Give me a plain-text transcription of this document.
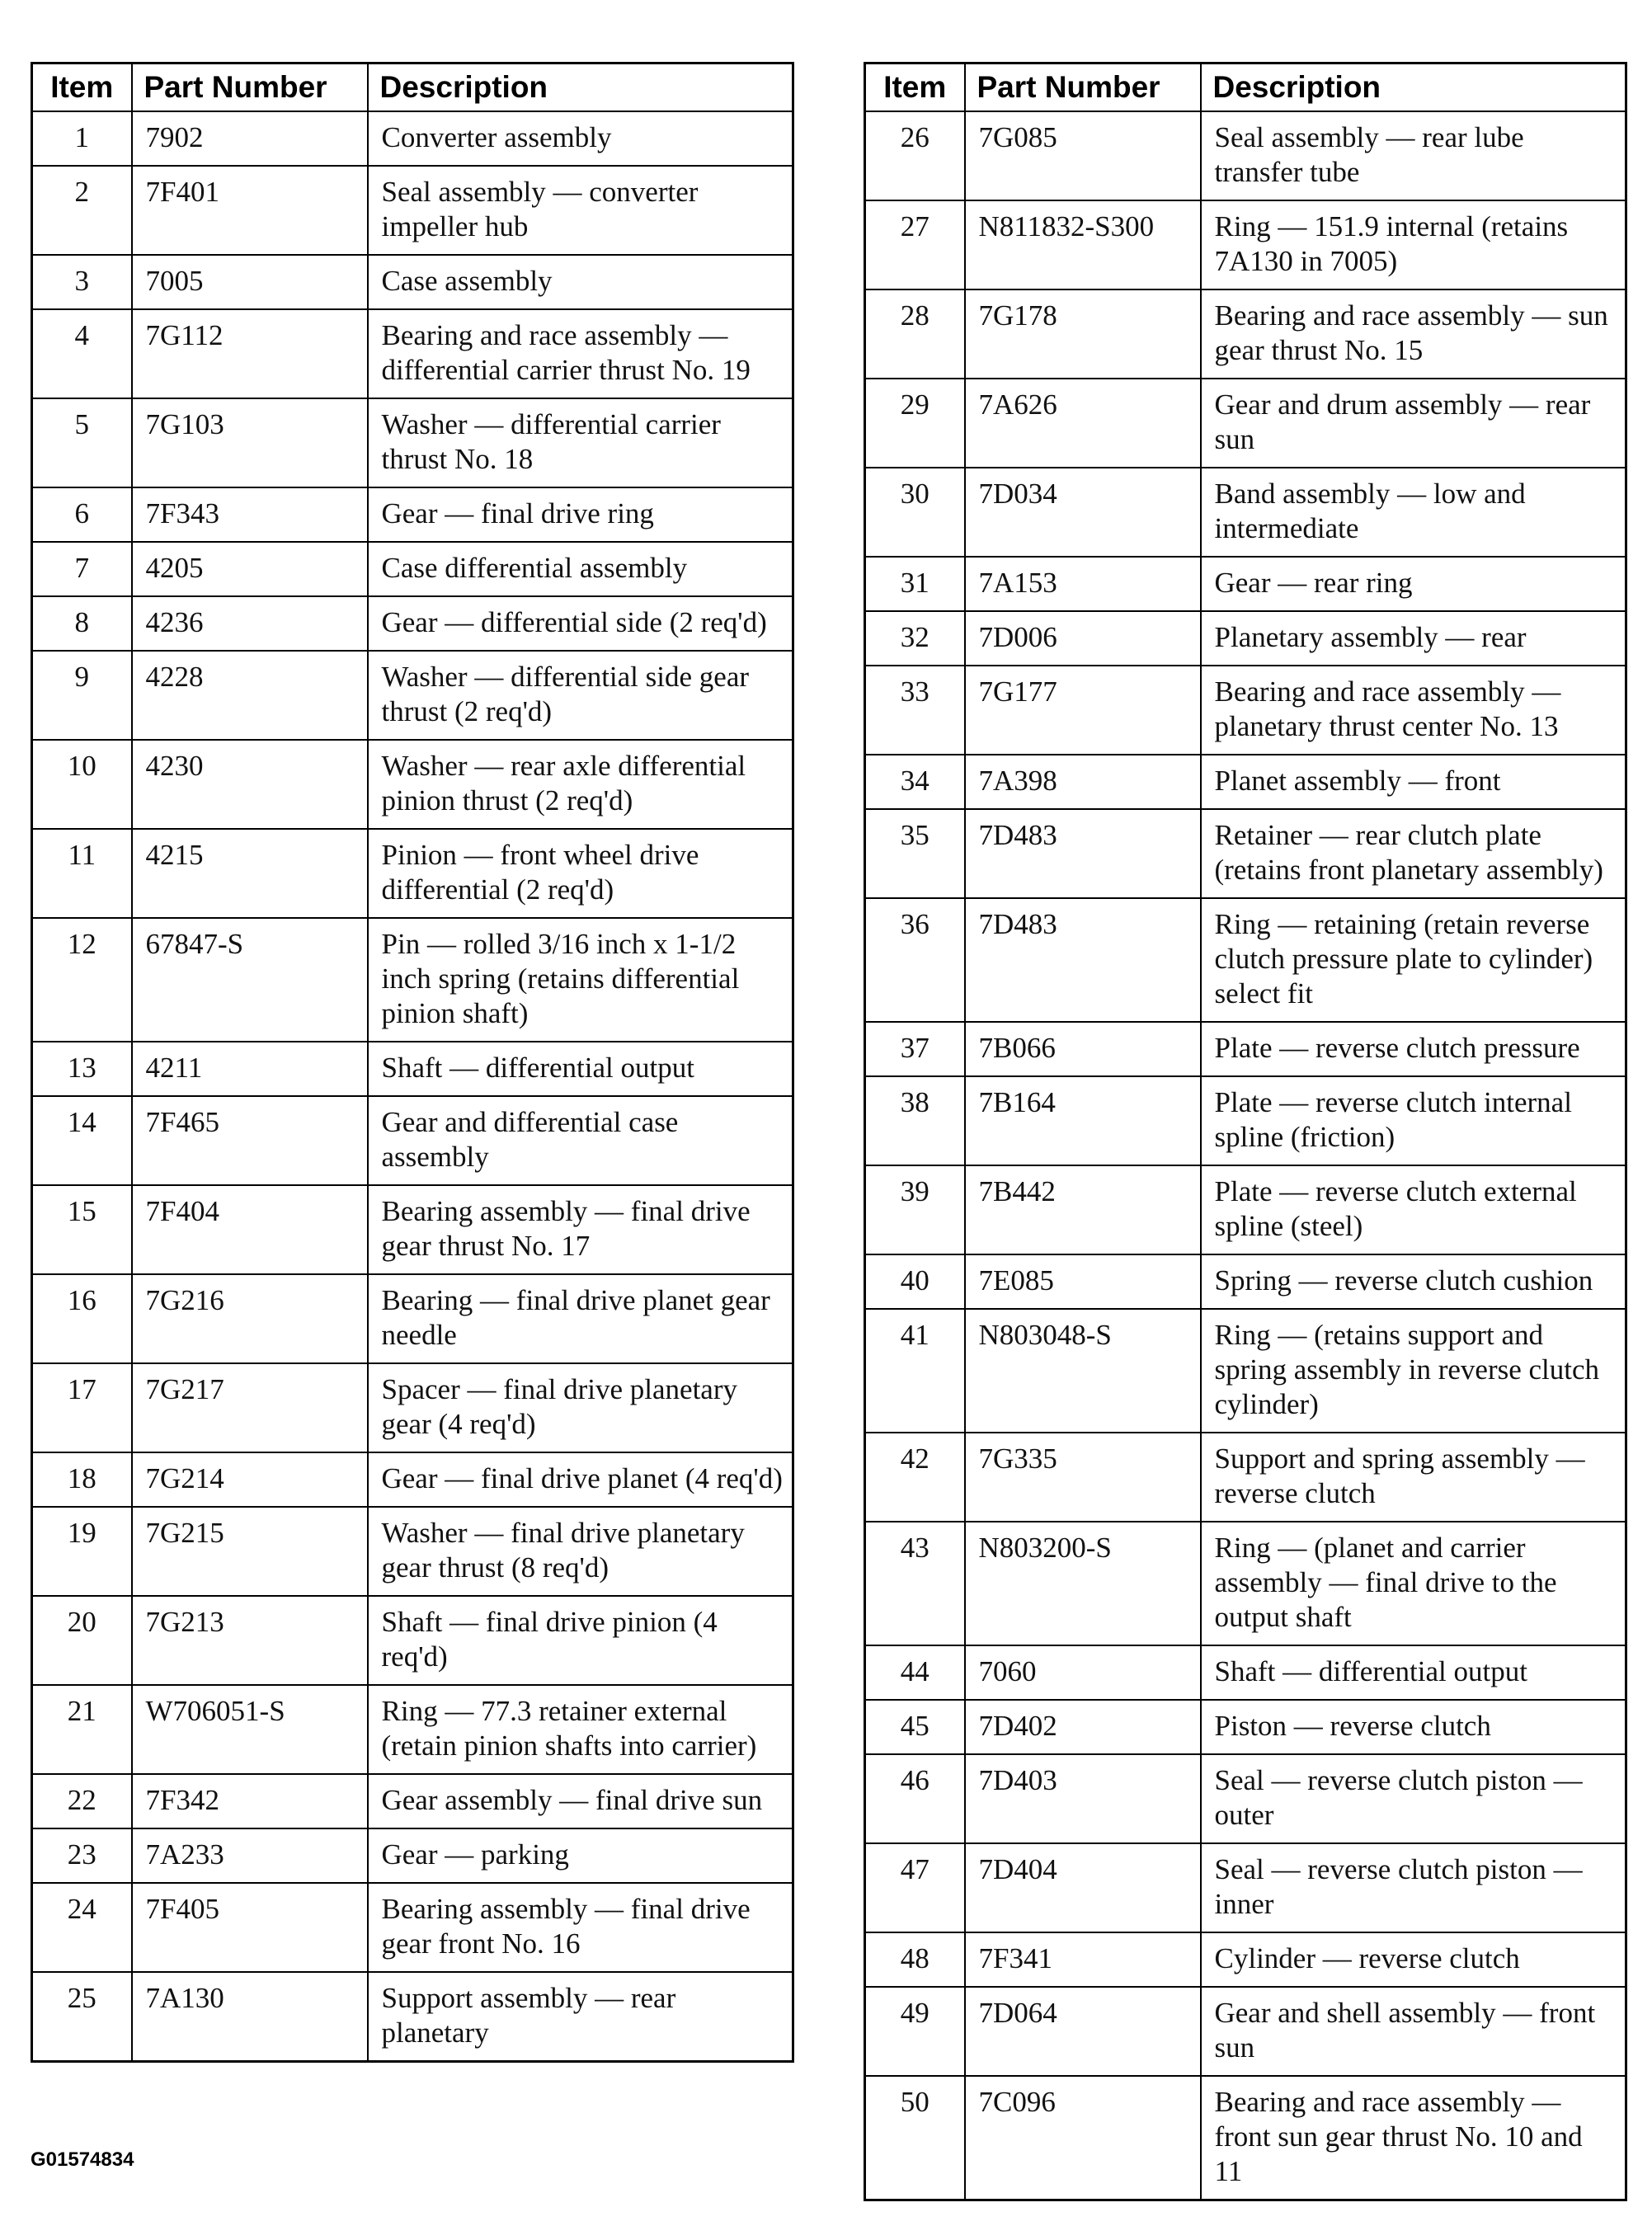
Item	Part Number	Description
1	7902	Converter assembly
2	7F401	Seal assembly — converter impeller hub
3	7005	Case assembly
4	7G112	Bearing and race assembly — differential carrier thrust No. 19
5	7G103	Washer — differential carrier thrust No. 18
6	7F343	Gear — final drive ring
7	4205	Case differential assembly
8	4236	Gear — differential side (2 req'd)
9	4228	Washer — differential side gear thrust (2 req'd)
10	4230	Washer — rear axle differential pinion thrust (2 req'd)
11	4215	Pinion — front wheel drive differential (2 req'd)
12	67847-S	Pin — rolled 3/16 inch x 1-1/2 inch spring (retains differential pinion shaft)
13	4211	Shaft — differential output
14	7F465	Gear and differential case assembly
15	7F404	Bearing assembly — final drive gear thrust No. 17
16	7G216	Bearing — final drive planet gear needle
17	7G217	Spacer — final drive planetary gear (4 req'd)
18	7G214	Gear — final drive planet (4 req'd)
19	7G215	Washer — final drive planetary gear thrust (8 req'd)
20	7G213	Shaft — final drive pinion (4 req'd)
21	W706051-S	Ring — 77.3 retainer external (retain pinion shafts into carrier)
22	7F342	Gear assembly — final drive sun
23	7A233	Gear — parking
24	7F405	Bearing assembly — final drive gear front No. 16
25	7A130	Support assembly — rear planetary
Item	Part Number	Description
26	7G085	Seal assembly — rear lube transfer tube
27	N811832-S300	Ring — 151.9 internal (retains 7A130 in 7005)
28	7G178	Bearing and race assembly — sun gear thrust No. 15
29	7A626	Gear and drum assembly — rear sun
30	7D034	Band assembly — low and intermediate
31	7A153	Gear — rear ring
32	7D006	Planetary assembly — rear
33	7G177	Bearing and race assembly — planetary thrust center No. 13
34	7A398	Planet assembly — front
35	7D483	Retainer — rear clutch plate (retains front planetary assembly)
36	7D483	Ring — retaining (retain reverse clutch pressure plate to cylinder) select fit
37	7B066	Plate — reverse clutch pressure
38	7B164	Plate — reverse clutch internal spline (friction)
39	7B442	Plate — reverse clutch external spline (steel)
40	7E085	Spring — reverse clutch cushion
41	N803048-S	Ring — (retains support and spring assembly in reverse clutch cylinder)
42	7G335	Support and spring assembly — reverse clutch
43	N803200-S	Ring — (planet and carrier assembly — final drive to the output shaft
44	7060	Shaft — differential output
45	7D402	Piston — reverse clutch
46	7D403	Seal — reverse clutch piston — outer
47	7D404	Seal — reverse clutch piston — inner
48	7F341	Cylinder — reverse clutch
49	7D064	Gear and shell assembly — front sun
50	7C096	Bearing and race assembly — front sun gear thrust No. 10 and 11
G01574834
